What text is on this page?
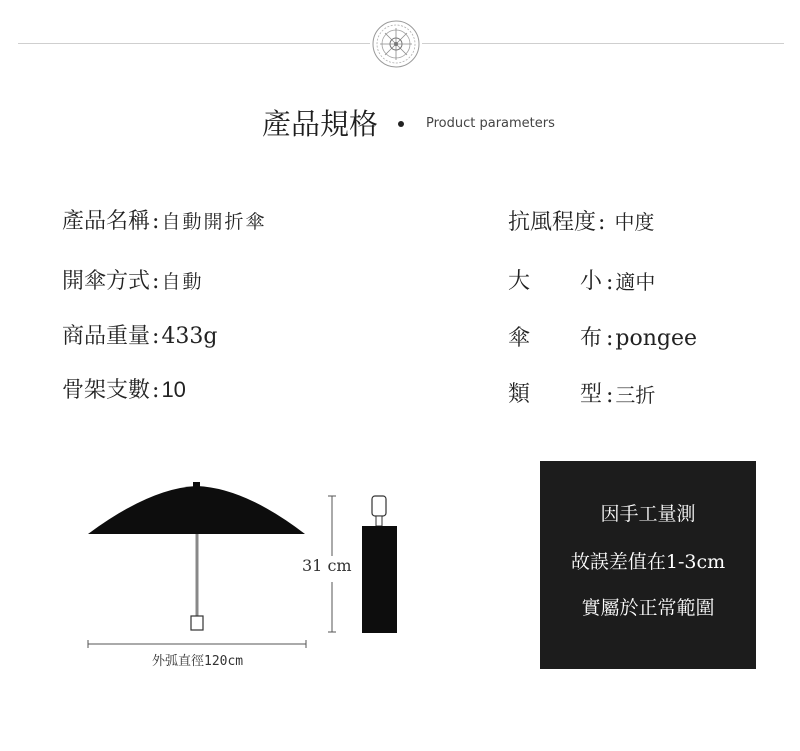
產品規格	Product parameters
產品名稱: 自動開折傘
開傘方式: 自動
商品重量:433g
骨架支數:10
抗風程度: 中度
大 小 : 適中
傘 布 :pongee
類 型 : 三折
31 cm
外弧直徑120cm
因手工量測
故誤差值在1-3cm
實屬於正常範圍
